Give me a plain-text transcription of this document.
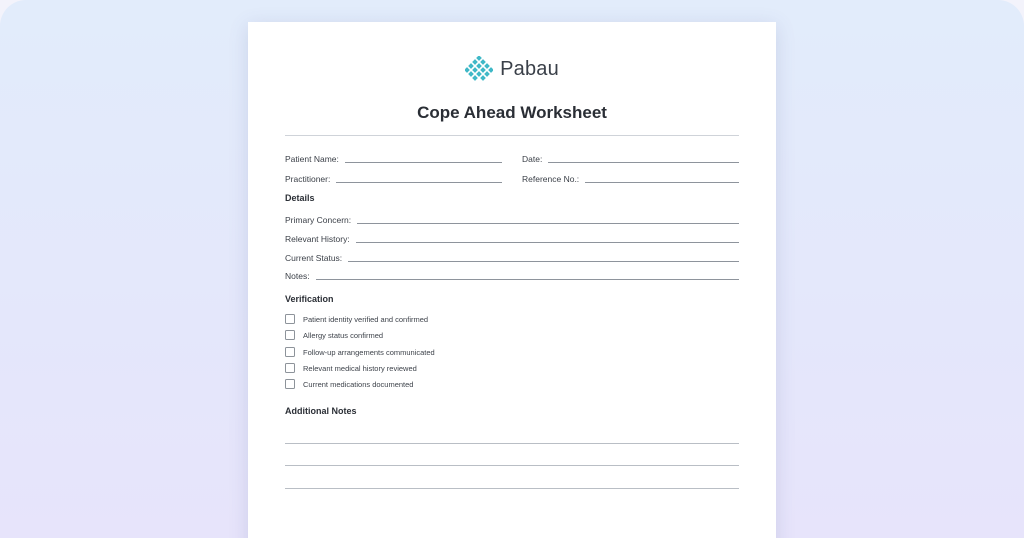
Pabau
Cope Ahead Worksheet
Patient Name:	Date:
Practitioner:	Reference No.:
Details
Primary Concern:
Relevant History:
Current Status:
Notes:
Verification
Patient identity verified and confirmed
Allergy status confirmed
Follow-up arrangements communicated
Relevant medical history reviewed
Current medications documented
Additional Notes
